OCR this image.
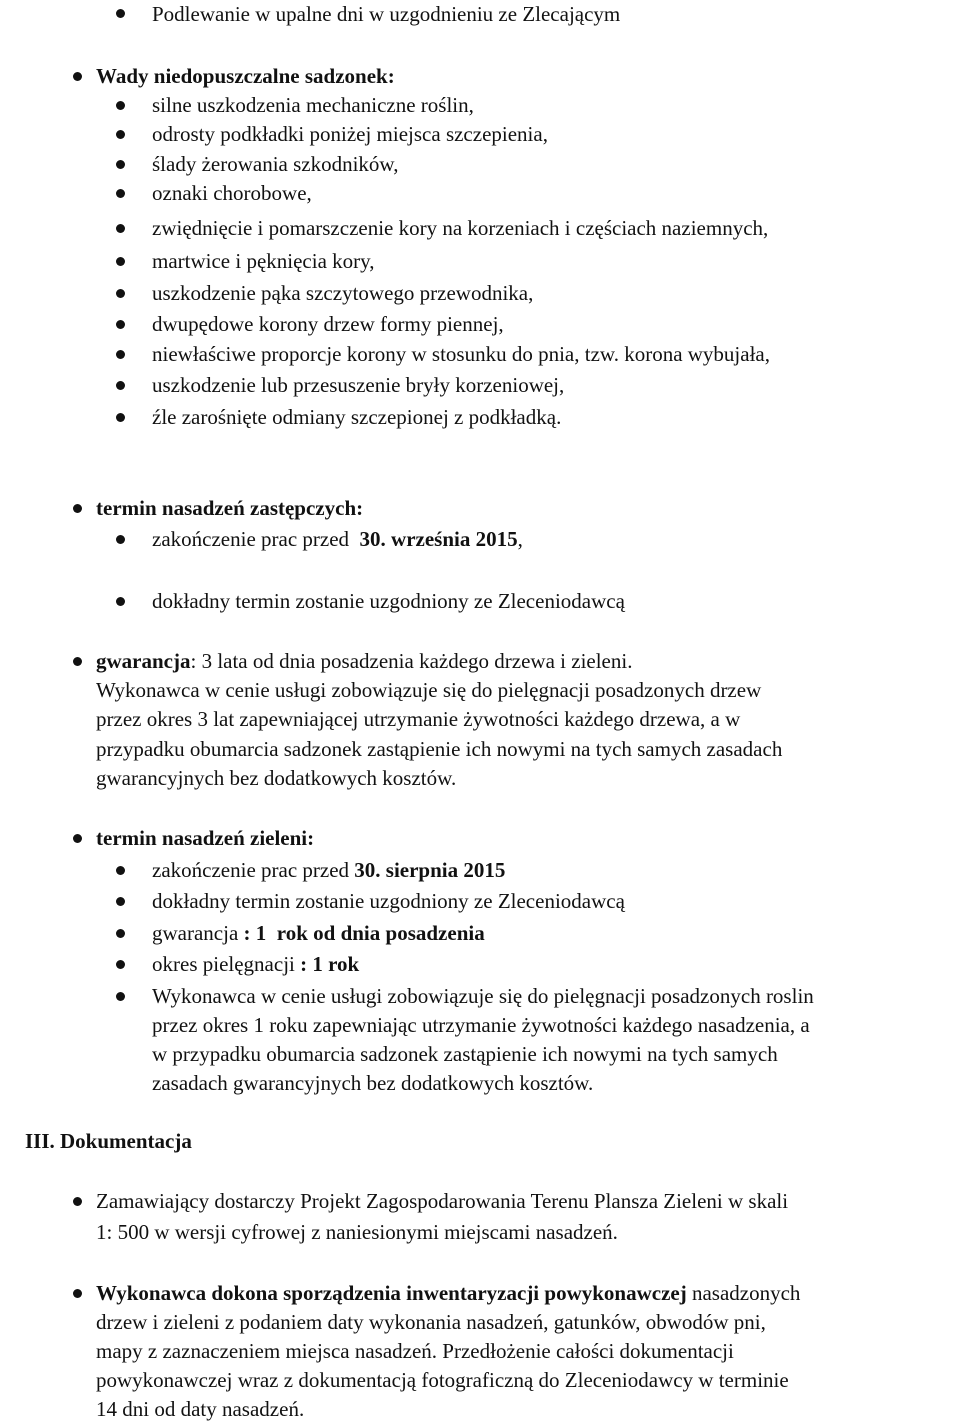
Podlewanie w upalne dni w uzgodnieniu ze Zlecającym
Wady niedopuszczalne sadzonek:
silne uszkodzenia mechaniczne roślin,
odrosty podkładki poniżej miejsca szczepienia,
ślady żerowania szkodników,
oznaki chorobowe,
zwiędnięcie i pomarszczenie kory na korzeniach i częściach naziemnych,
martwice i pęknięcia kory,
uszkodzenie pąka szczytowego przewodnika,
dwupędowe korony drzew formy piennej,
niewłaściwe proporcje korony w stosunku do pnia, tzw. korona wybujała,
uszkodzenie lub przesuszenie bryły korzeniowej,
źle zarośnięte odmiany szczepionej z podkładką.
termin nasadzeń zastępczych:
zakończenie prac przed  30. września 2015,
dokładny termin zostanie uzgodniony ze Zleceniodawcą
gwarancja: 3 lata od dnia posadzenia każdego drzewa i zieleni.
Wykonawca w cenie usługi zobowiązuje się do pielęgnacji posadzonych drzew
przez okres 3 lat zapewniającej utrzymanie żywotności każdego drzewa, a w
przypadku obumarcia sadzonek zastąpienie ich nowymi na tych samych zasadach
gwarancyjnych bez dodatkowych kosztów.
termin nasadzeń zieleni:
zakończenie prac przed 30. sierpnia 2015
dokładny termin zostanie uzgodniony ze Zleceniodawcą
gwarancja : 1  rok od dnia posadzenia
okres pielęgnacji : 1 rok
Wykonawca w cenie usługi zobowiązuje się do pielęgnacji posadzonych roslin
przez okres 1 roku zapewniając utrzymanie żywotności każdego nasadzenia, a
w przypadku obumarcia sadzonek zastąpienie ich nowymi na tych samych
zasadach gwarancyjnych bez dodatkowych kosztów.
III. Dokumentacja
Zamawiający dostarczy Projekt Zagospodarowania Terenu Plansza Zieleni w skali
1: 500 w wersji cyfrowej z naniesionymi miejscami nasadzeń.
Wykonawca dokona sporządzenia inwentaryzacji powykonawczej nasadzonych
drzew i zieleni z podaniem daty wykonania nasadzeń, gatunków, obwodów pni,
mapy z zaznaczeniem miejsca nasadzeń. Przedłożenie całości dokumentacji
powykonawczej wraz z dokumentacją fotograficzną do Zleceniodawcy w terminie
14 dni od daty nasadzeń.
